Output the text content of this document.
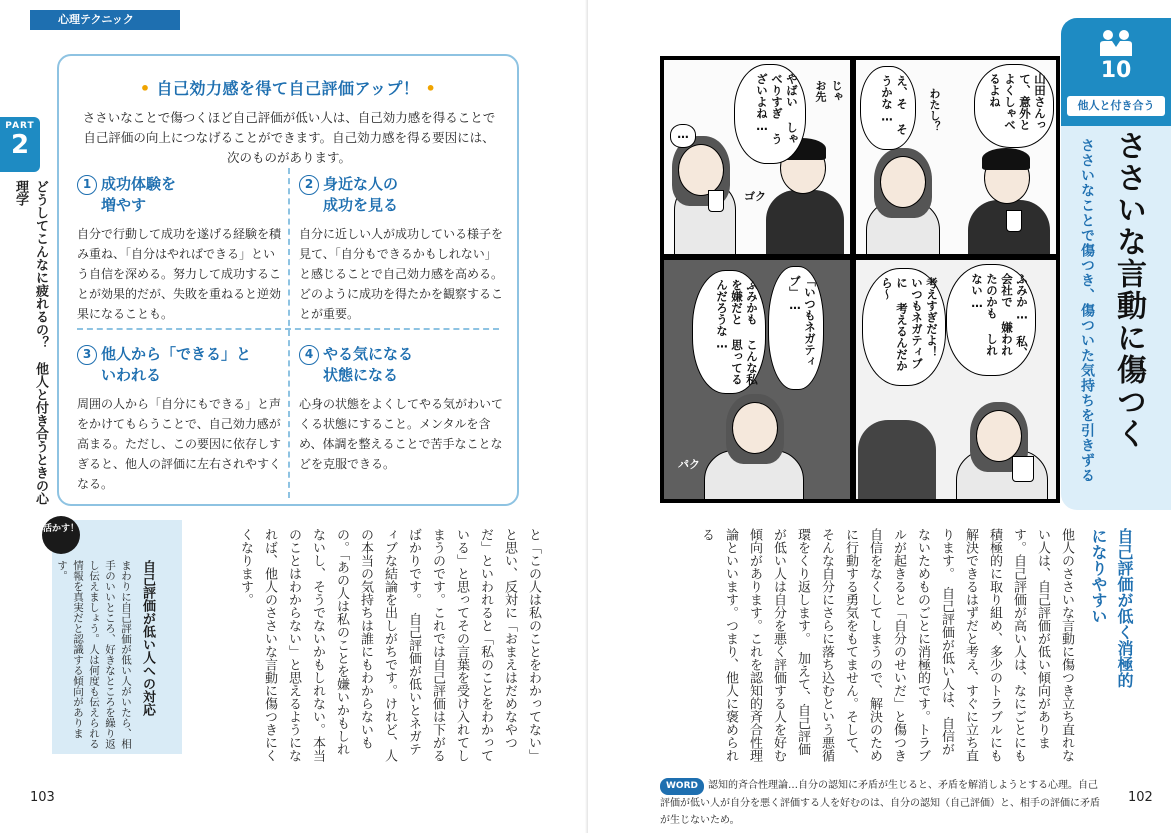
PART
2
どうしてこんなに疲れるの？　他人と付き合うときの心理学
• 自己効力感を得て自己評価アップ！ •
ささいなことで傷つくほど自己評価が低い人は、自己効力感を得ることで自己評価の向上につなげることができます。自己効力感を得る要因には、次のものがあります。
1 成功体験を
増やす
自分で行動して成功を遂げる経験を積み重ね、「自分はやればできる」という自信を深める。努力して成功することが効果的だが、失敗を重ねると逆効果になることも。
2 身近な人の
成功を見る
自分に近しい人が成功している様子を見て、「自分もできるかもしれない」と感じることで自己効力感を高める。どのように成功を得たかを観察することが重要。
3 他人から「できる」と
いわれる
周囲の人から「自分にもできる」と声をかけてもらうことで、自己効力感が高まる。ただし、この要因に依存しすぎると、他人の評価に左右されやすくなる。
4 やる気になる
状態になる
心身の状態をよくしてやる気がわいてくる状態にすること。メンタルを含め、体調を整えることで苦手なことなどを克服できる。
心理テクニック
活かす！
自己評価が低い人への対応
まわりに自己評価が低い人がいたら、相手のいいところ、好きなところを繰り返し伝えましょう。人は何度も伝えられる情報を真実だと認識する傾向があります。	と「この人は私のことをわかってない」と思い、反対に「おまえはだめなやつだ」といわれると「私のことをわかっている」と思ってその言葉を受け入れてしまうのです。これでは自己評価は下がるばかりです。　自己評価が低いとネガティブな結論を出しがちです。けれど、人の本当の気持ちは誰にもわからないもの。「あの人は私のことを嫌いかもしれないし、そうでないかもしれない。本当のことはわからない」と思えるようになれば、他人のささいな言動に傷つきにくくなります。
103
やばい しゃべりすぎ うざいよね…	じゃ お先
ゴク
…
山田さんって、意外とよくしゃべるよね
え、そ そうかな…	わたし？
「いつもネガティブ」…
ふみかも こんな私を嫌だと 思ってるんだろうな…
パク
ふみか… 私、会社で 嫌われたのかも しれない…
考えすぎだよ！ いつもネガティブに 考えるんだから〜
10
他人と付き合う
ささいな言動に傷つく
ささいなことで傷つき、傷ついた気持ちを引きずる
自己評価が低く消極的になりやすい
他人のささいな言動に傷つき立ち直れない人は、自己評価が低い傾向があります。自己評価が高い人は、なにごとにも積極的に取り組め、多少のトラブルにも解決できるはずだと考え、すぐに立ち直ります。　自己評価が低い人は、自信がないためものごとに消極的です。トラブルが起きると「自分のせいだ」と傷つき自信をなくしてしまうので、解決のために行動する勇気をもてません。そして、そんな自分にさらに落ち込むという悪循環をくり返します。　加えて、自己評価が低い人は自分を悪く評価する人を好む傾向があります。これを認知的斉合性理論といいます。つまり、他人に褒められる
WORD 認知的斉合性理論…自分の認知に矛盾が生じると、矛盾を解消しようとする心理。自己評価が低い人が自分を悪く評価する人を好むのは、自分の認知（自己評価）と、相手の評価に矛盾が生じないため。
102
